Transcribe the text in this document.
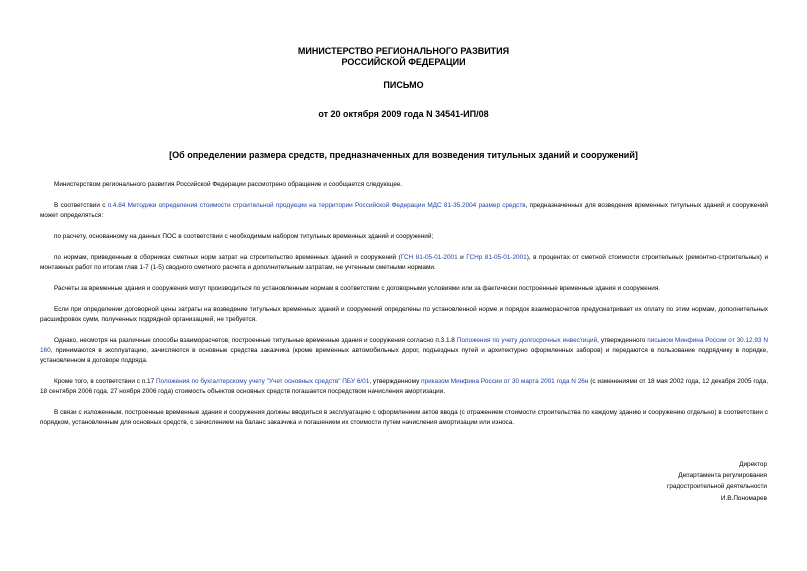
МИНИСТЕРСТВО РЕГИОНАЛЬНОГО РАЗВИТИЯ
РОССИЙСКОЙ ФЕДЕРАЦИИ
ПИСЬМО
от 20 октября 2009 года N 34541-ИП/08
[Об определении размера средств, предназначенных для возведения титульных зданий и сооружений]

Министерством регионального развития Российской Федерации рассмотрено обращение и сообщается следующее.

В соответствии с п.4.84 Методики определения стоимости строительной продукции на территории Российской Федерации МДС 81-35.2004 размер средств, предназначенных для возведения временных титульных зданий и сооружений может определяться:

по расчету, основанному на данных ПОС в соответствии с необходимым набором титульных временных зданий и сооружений;

по нормам, приведенным в сборниках сметных норм затрат на строительство временных зданий и сооружений (ГСН 81-05-01-2001 и ГСНр 81-05-01-2001), в процентах от сметной стоимости строительных (ремонтно-строительных) и монтажных работ по итогам глав 1-7 (1-5) сводного сметного расчета и дополнительным затратам, не учтенным сметными нормами.

Расчеты за временные здания и сооружения могут производиться по установленным нормам в соответствии с договорными условиями или за фактически построенные временные здания и сооружения.

Если при определении договорной цены затраты на возведение титульных временных зданий и сооружений определены по установленной норме и порядок взаиморасчетов предусматривает их оплату по этим нормам, дополнительных расшифровок сумм, полученных подрядной организацией, не требуется.

Однако, несмотря на различные способы взаиморасчетов, построенные титульные временные здания и сооружения согласно п.3.1.8 Положения по учету долгосрочных инвестиций, утвержденного письмом Минфина России от 30.12.93 N 160, принимаются в эксплуатацию, зачисляются в основные средства заказчика (кроме временных автомобильных дорог, подъездных путей и архитектурно оформленных заборов) и передаются в пользование подрядчику в порядке, установленном в договоре подряда.

Кроме того, в соответствии с п.17 Положения по бухгалтерскому учету "Учет основных средств" ПБУ 6/01, утвержденному приказом Минфина России от 30 марта 2001 года N 26н (с изменениями от 18 мая 2002 года, 12 декабря 2005 года, 18 сентября 2006 года, 27 ноября 2006 года) стоимость объектов основных средств погашается посредством начисления амортизации.

В связи с изложенным, построенные временные здания и сооружения должны вводиться в эксплуатацию с оформлением актов ввода (с отражением стоимости строительства по каждому зданию и сооружению отдельно) в соответствии с порядком, установленным для основных средств, с зачислением на баланс заказчика и погашением их стоимости путем начисления амортизации или износа.

Директор
Департамента регулирования
градостроительной деятельности
И.В.Пономарев
